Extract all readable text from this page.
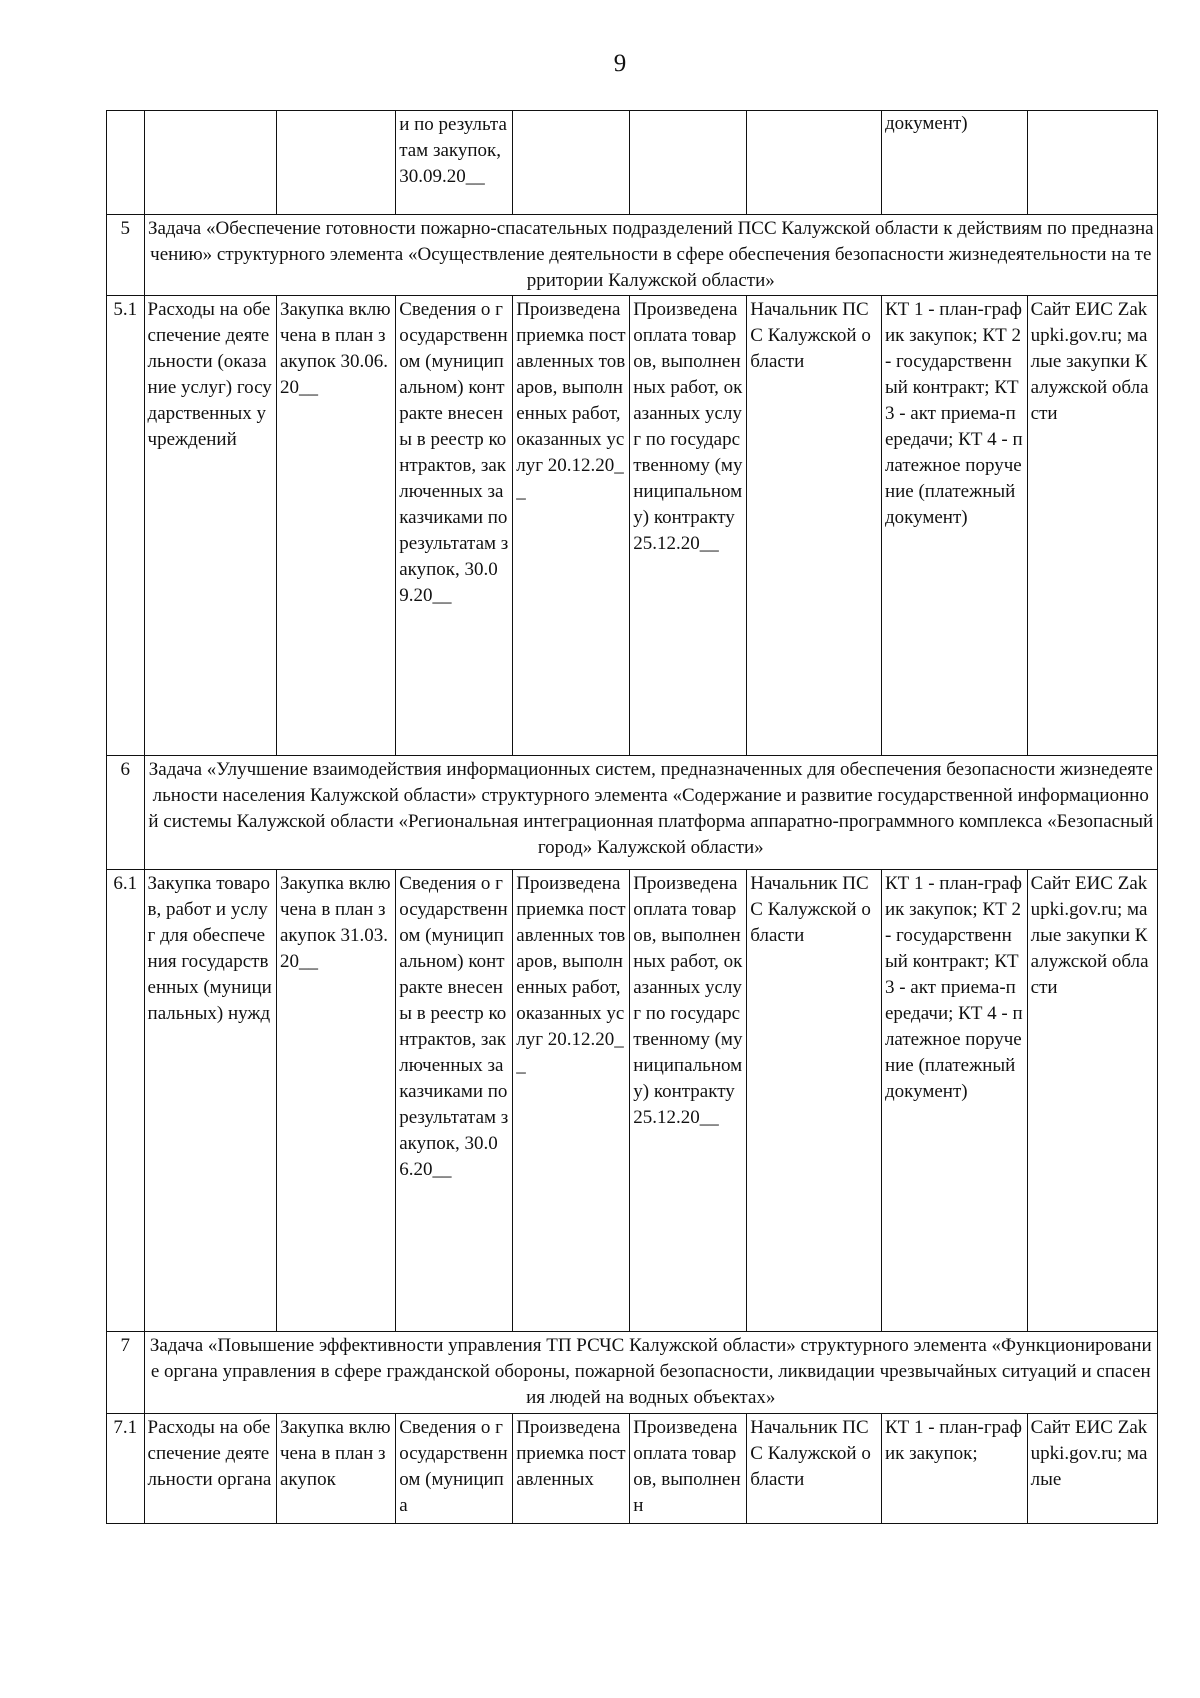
9
			и по результатам закупок, 30.09.20__				документ)	
5	Задача «Обеспечение готовности пожарно-спасательных подразделений ПСС Калужской области к действиям по предназначению» структурного элемента «Осуществление деятельности в сфере обеспечения безопасности жизнедеятельности на территории Калужской области»							
5.1	Расходы на обеспечение деятельности (оказание услуг) государственных учреждений	Закупка включена в план закупок 30.06.20__	Сведения о государственном (муниципальном) контракте внесены в реестр контрактов, заключенных заказчиками по результатам закупок, 30.09.20__	Произведена приемка поставленных товаров, выполненных работ, оказанных услуг 20.12.20__	Произведена оплата товаров, выполненных работ, оказанных услуг по государственному (муниципальному) контракту 25.12.20__	Начальник ПСС Калужской области	КТ 1 - план-график закупок; КТ 2 - государственный контракт; КТ 3 - акт приема-передачи; КТ 4 - платежное поручение (платежный документ)	Сайт ЕИС Zakupki.gov.ru; малые закупки Калужской области
6	Задача «Улучшение взаимодействия информационных систем, предназначенных для обеспечения безопасности жизнедеятельности населения Калужской области» структурного элемента «Содержание и развитие государственной информационной системы Калужской области «Региональная интеграционная платформа аппаратно-программного комплекса «Безопасный город» Калужской области»							
6.1	Закупка товаров, работ и услуг для обеспечения государственных (муниципальных) нужд	Закупка включена в план закупок 31.03.20__	Сведения о государственном (муниципальном) контракте внесены в реестр контрактов, заключенных заказчиками по результатам закупок, 30.06.20__	Произведена приемка поставленных товаров, выполненных работ, оказанных услуг 20.12.20__	Произведена оплата товаров, выполненных работ, оказанных услуг по государственному (муниципальному) контракту 25.12.20__	Начальник ПСС Калужской области	КТ 1 - план-график закупок; КТ 2 - государственный контракт; КТ 3 - акт приема-передачи; КТ 4 - платежное поручение (платежный документ)	Сайт ЕИС Zakupki.gov.ru; малые закупки Калужской области
7	Задача «Повышение эффективности управления ТП РСЧС Калужской области» структурного элемента «Функционирование органа управления в сфере гражданской обороны, пожарной безопасности, ликвидации чрезвычайных ситуаций и спасения людей на водных объектах»							
7.1	Расходы на обеспечение деятельности органа	Закупка включена в план закупок	Сведения о государственном (муниципа	Произведена приемка поставленных	Произведена оплата товаров, выполненн	Начальник ПСС Калужской области	КТ 1 - план-график закупок;	Сайт ЕИС Zakupki.gov.ru; малые
